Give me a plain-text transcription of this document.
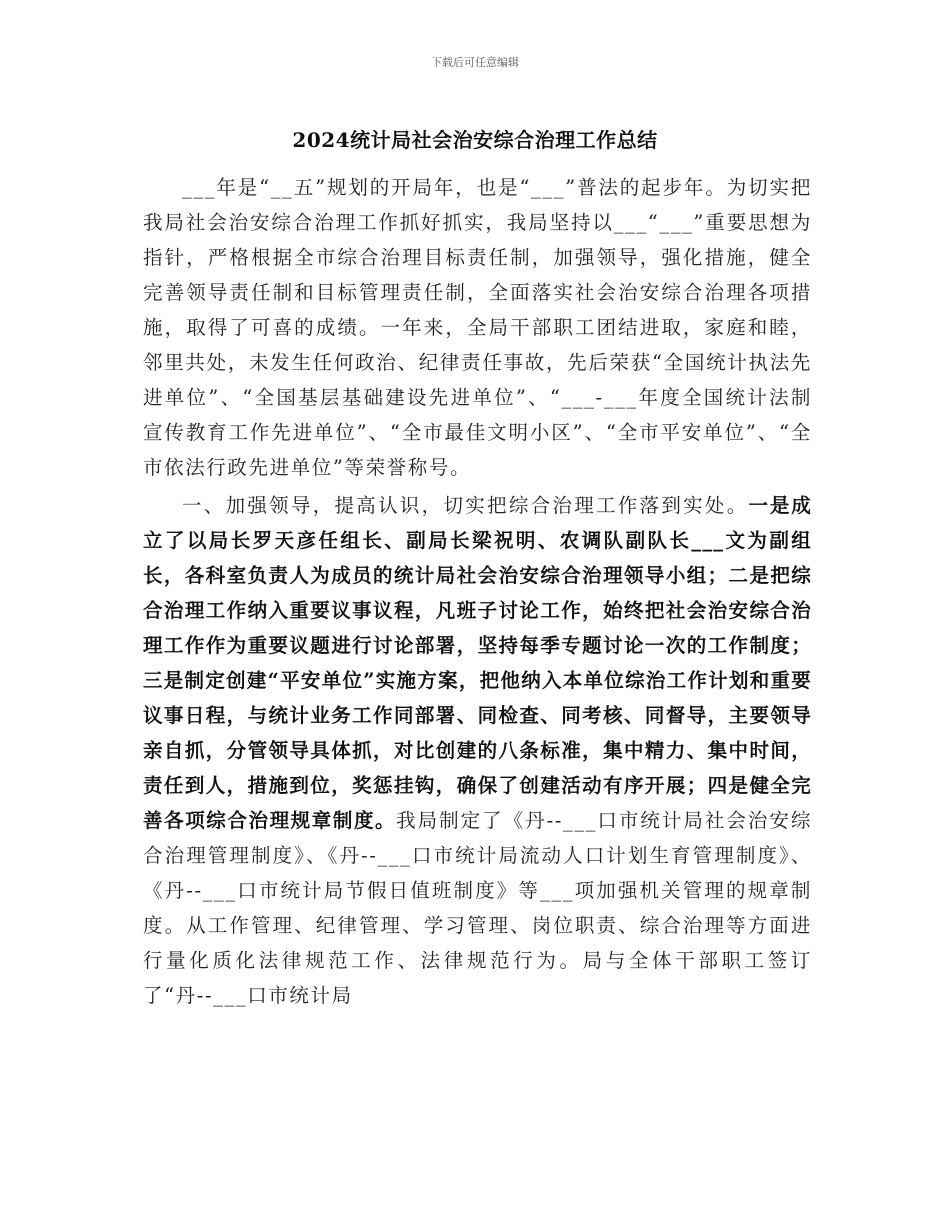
下载后可任意编辑
2024统计局社会治安综合治理工作总结

___年是“__五”规划的开局年，也是“___”普法的起步年。为切实把我局社会治安综合治理工作抓好抓实，我局坚持以___“___”重要思想为指针，严格根据全市综合治理目标责任制，加强领导，强化措施，健全完善领导责任制和目标管理责任制，全面落实社会治安综合治理各项措施，取得了可喜的成绩。一年来，全局干部职工团结进取，家庭和睦，邻里共处，未发生任何政治、纪律责任事故，先后荣获“全国统计执法先进单位”、“全国基层基础建设先进单位”、“___-___年度全国统计法制宣传教育工作先进单位”、“全市最佳文明小区”、“全市平安单位”、“全市依法行政先进单位”等荣誉称号。

一、加强领导，提高认识，切实把综合治理工作落到实处。一是成立了以局长罗天彦任组长、副局长梁祝明、农调队副队长___文为副组长，各科室负责人为成员的统计局社会治安综合治理领导小组；二是把综合治理工作纳入重要议事议程，凡班子讨论工作，始终把社会治安综合治理工作作为重要议题进行讨论部署，坚持每季专题讨论一次的工作制度；三是制定创建“平安单位”实施方案，把他纳入本单位综治工作计划和重要议事日程，与统计业务工作同部署、同检查、同考核、同督导，主要领导亲自抓，分管领导具体抓，对比创建的八条标准，集中精力、集中时间，责任到人，措施到位，奖惩挂钩，确保了创建活动有序开展；四是健全完善各项综合治理规章制度。我局制定了《丹--___口市统计局社会治安综合治理管理制度》、《丹--___口市统计局流动人口计划生育管理制度》、《丹--___口市统计局节假日值班制度》等___项加强机关管理的规章制度。从工作管理、纪律管理、学习管理、岗位职责、综合治理等方面进行量化质化法律规范工作、法律规范行为。局与全体干部职工签订了“丹--___口市统计局
